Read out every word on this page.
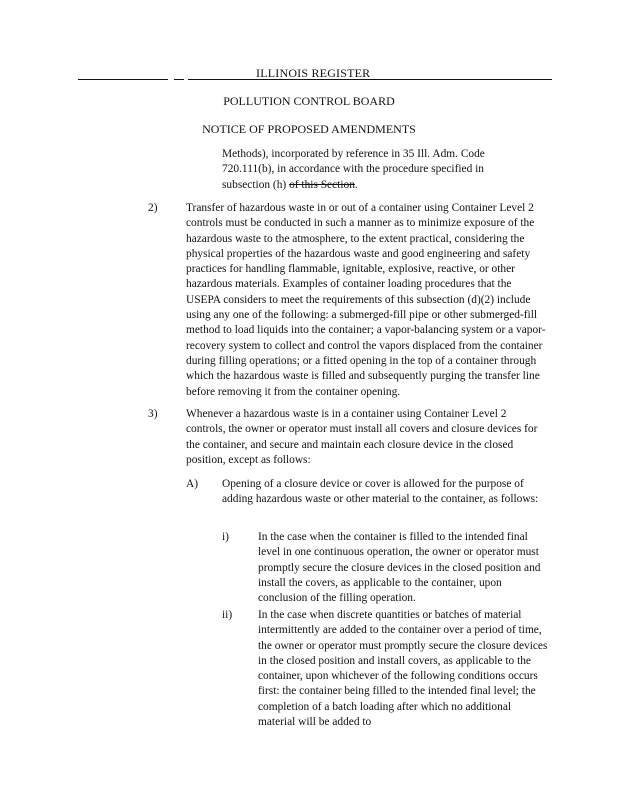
ILLINOIS REGISTER
POLLUTION CONTROL BOARD
NOTICE OF PROPOSED AMENDMENTS

Methods), incorporated by reference in 35 Ill. Adm. Code 720.111(b), in accordance with the procedure specified in subsection (h) of this Section.

2)	Transfer of hazardous waste in or out of a container using Container Level 2 controls must be conducted in such a manner as to minimize exposure of the hazardous waste to the atmosphere, to the extent practical, considering the physical properties of the hazardous waste and good engineering and safety practices for handling flammable, ignitable, explosive, reactive, or other hazardous materials. Examples of container loading procedures that the USEPA considers to meet the requirements of this subsection (d)(2) include using any one of the following: a submerged-fill pipe or other submerged-fill method to load liquids into the container; a vapor-balancing system or a vapor-recovery system to collect and control the vapors displaced from the container during filling operations; or a fitted opening in the top of a container through which the hazardous waste is filled and subsequently purging the transfer line before removing it from the container opening.

3)	Whenever a hazardous waste is in a container using Container Level 2 controls, the owner or operator must install all covers and closure devices for the container, and secure and maintain each closure device in the closed position, except as follows:

A) Opening of a closure device or cover is allowed for the purpose of adding hazardous waste or other material to the container, as follows:

i)	In the case when the container is filled to the intended final level in one continuous operation, the owner or operator must promptly secure the closure devices in the closed position and install the covers, as applicable to the container, upon conclusion of the filling operation.

ii) In the case when discrete quantities or batches of material intermittently are added to the container over a period of time, the owner or operator must promptly secure the closure devices in the closed position and install covers, as applicable to the container, upon whichever of the following conditions occurs first: the container being filled to the intended final level; the completion of a batch loading after which no additional material will be added to
